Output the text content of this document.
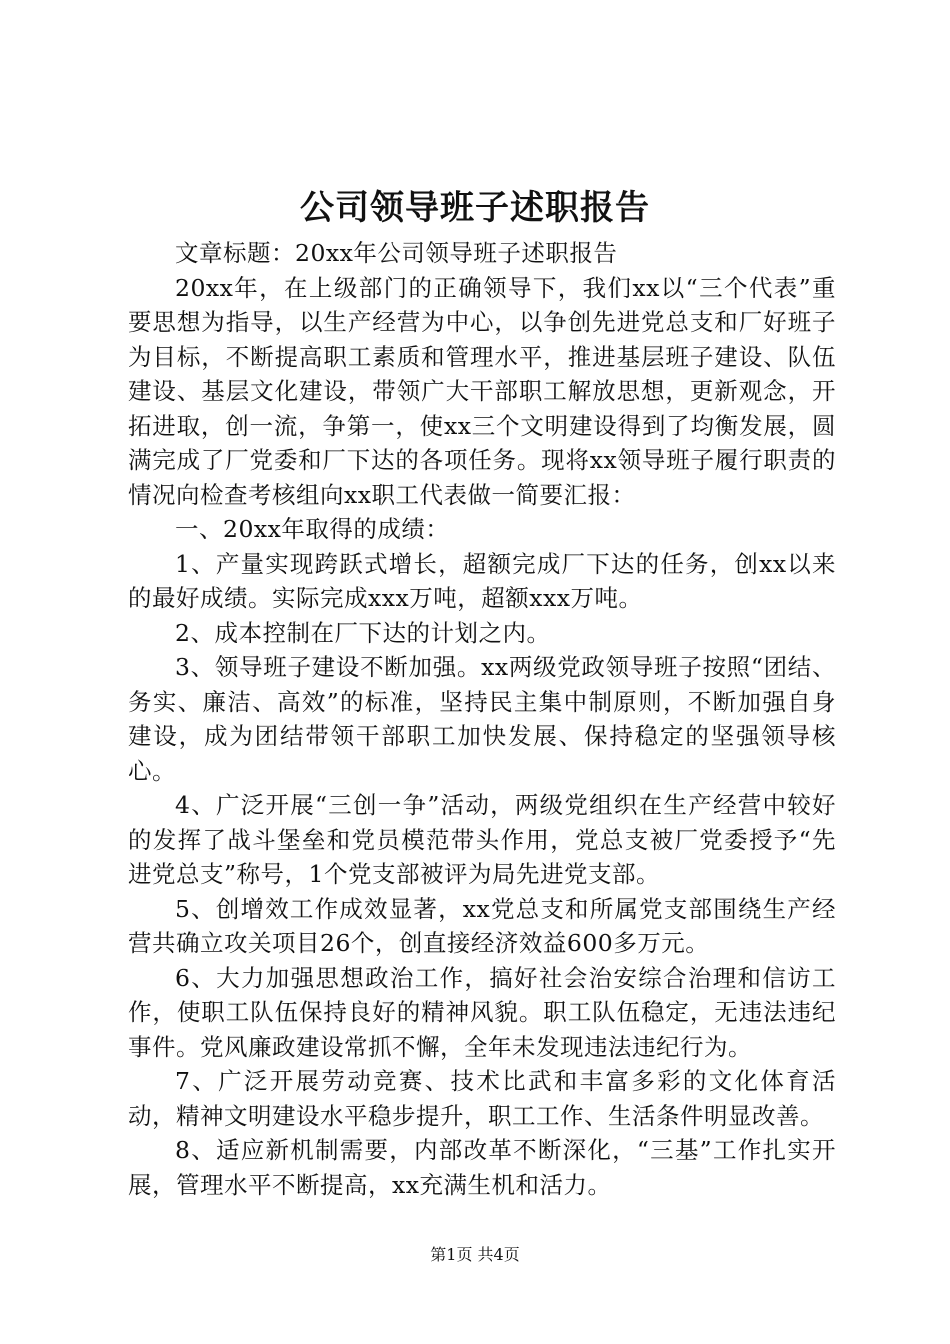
公司领导班子述职报告

文章标题：20xx年公司领导班子述职报告

20xx年，在上级部门的正确领导下，我们xx以“三个代表”重要思想为指导，以生产经营为中心，以争创先进党总支和厂好班子为目标，不断提高职工素质和管理水平，推进基层班子建设、队伍建设、基层文化建设，带领广大干部职工解放思想，更新观念，开拓进取，创一流，争第一，使xx三个文明建设得到了均衡发展，圆满完成了厂党委和厂下达的各项任务。现将xx领导班子履行职责的情况向检查考核组向xx职工代表做一简要汇报：

一、20xx年取得的成绩：

1、产量实现跨跃式增长，超额完成厂下达的任务，创xx以来的最好成绩。实际完成xxx万吨，超额xxx万吨。

2、成本控制在厂下达的计划之内。

3、领导班子建设不断加强。xx两级党政领导班子按照“团结、务实、廉洁、高效”的标准，坚持民主集中制原则，不断加强自身建设，成为团结带领干部职工加快发展、保持稳定的坚强领导核心。

4、广泛开展“三创一争”活动，两级党组织在生产经营中较好的发挥了战斗堡垒和党员模范带头作用，党总支被厂党委授予“先进党总支”称号，1个党支部被评为局先进党支部。

5、创增效工作成效显著，xx党总支和所属党支部围绕生产经营共确立攻关项目26个，创直接经济效益600多万元。

6、大力加强思想政治工作，搞好社会治安综合治理和信访工作，使职工队伍保持良好的精神风貌。职工队伍稳定，无违法违纪事件。党风廉政建设常抓不懈，全年未发现违法违纪行为。

7、广泛开展劳动竞赛、技术比武和丰富多彩的文化体育活动，精神文明建设水平稳步提升，职工工作、生活条件明显改善。

8、适应新机制需要，内部改革不断深化，“三基”工作扎实开展，管理水平不断提高，xx充满生机和活力。

第1页 共4页
